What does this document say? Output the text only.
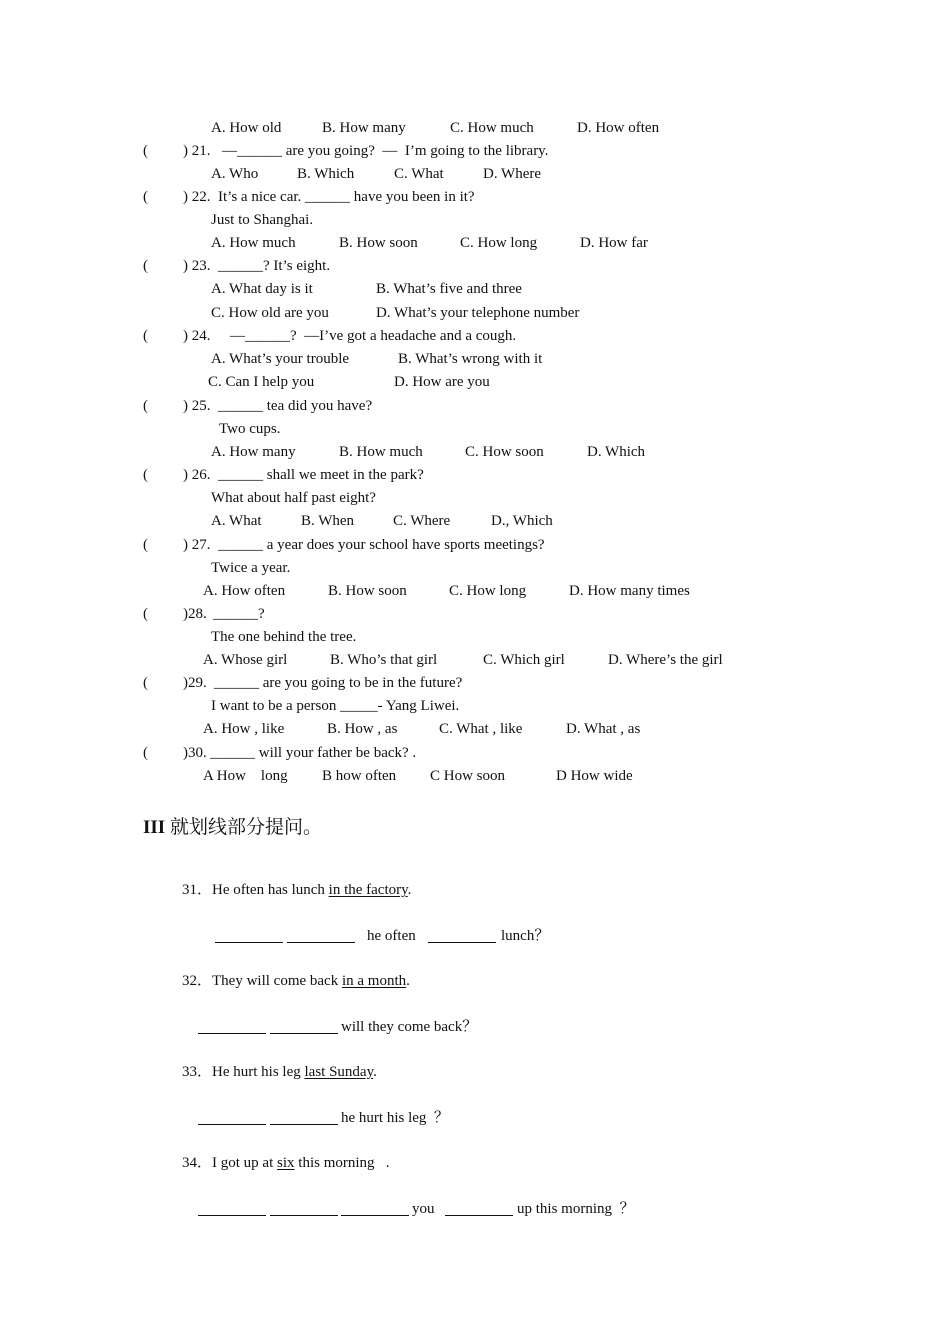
A. How old	B. How many	C. How much	D. How often
( ) 21. —______ are you going?  —  I’m going to the library.
A. Who	B. Which	C. What	D. Where
( ) 22. It’s a nice car. ______ have you been in it?
Just to Shanghai.
A. How much	B. How soon	C. How long	D. How far
( ) 23. ______? It’s eight.
A. What day is it	B. What’s five and three
C. How old are you	D. What’s your telephone number
( ) 24. —______?  —I’ve got a headache and a cough.
A. What’s your trouble	B. What’s wrong with it
C. Can I help you	D. How are you
( ) 25. ______ tea did you have?
Two cups.
A. How many	B. How much	C. How soon	D. Which
( ) 26. ______ shall we meet in the park?
What about half past eight?
A. What	B. When	C. Where	D., Which
( ) 27. ______ a year does your school have sports meetings?
Twice a year.
A. How often	B. How soon	C. How long	D. How many times
( )28. ______?
The one behind the tree.
A. Whose girl	B. Who’s that girl	C. Which girl	D. Where’s the girl
( )29. ______ are you going to be in the future?
I want to be a person _____- Yang Liwei.
A. How , like	B. How , as	C. What , like	D. What , as
( )30. ______ will your father be back? .
A How    long B how often C How soon	D How wide
III 就划线部分提问。
31．He often has lunch in the factory.
he often	lunch？
32．They will come back in a month.
will they come back？
33．He hurt his leg last Sunday.
he hurt his leg  ？
34．I got up at six this morning   .
you	up this morning  ？
